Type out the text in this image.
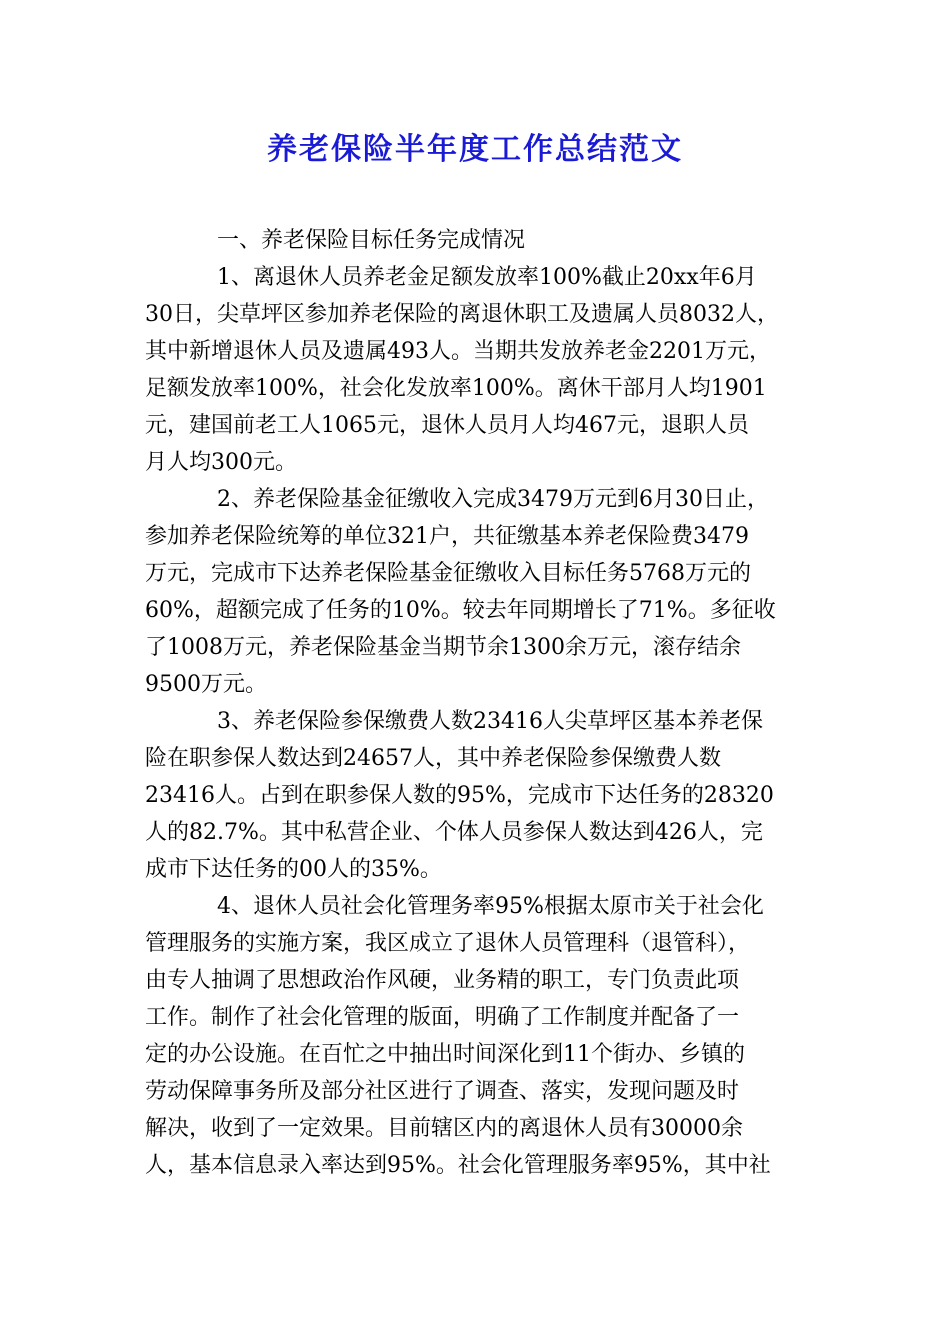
养老保险半年度工作总结范文

一、养老保险目标任务完成情况

1、离退休人员养老金足额发放率100%截止20xx年6月
30日，尖草坪区参加养老保险的离退休职工及遗属人员8032人，
其中新增退休人员及遗属493人。当期共发放养老金2201万元，
足额发放率100%，社会化发放率100%。离休干部月人均1901
元，建国前老工人1065元，退休人员月人均467元，退职人员
月人均300元。

2、养老保险基金征缴收入完成3479万元到6月30日止，
参加养老保险统筹的单位321户，共征缴基本养老保险费3479
万元，完成市下达养老保险基金征缴收入目标任务5768万元的
60%，超额完成了任务的10%。较去年同期增长了71%。多征收
了1008万元，养老保险基金当期节余1300余万元，滚存结余
9500万元。

3、养老保险参保缴费人数23416人尖草坪区基本养老保
险在职参保人数达到24657人，其中养老保险参保缴费人数
23416人。占到在职参保人数的95%，完成市下达任务的28320
人的82.7%。其中私营企业、个体人员参保人数达到426人，完
成市下达任务的00人的35%。

4、退休人员社会化管理务率95%根据太原市关于社会化
管理服务的实施方案，我区成立了退休人员管理科（退管科），
由专人抽调了思想政治作风硬，业务精的职工，专门负责此项
工作。制作了社会化管理的版面，明确了工作制度并配备了一
定的办公设施。在百忙之中抽出时间深化到11个街办、乡镇的
劳动保障事务所及部分社区进行了调查、落实，发现问题及时
解决，收到了一定效果。目前辖区内的离退休人员有30000余
人，基本信息录入率达到95%。社会化管理服务率95%，其中社
